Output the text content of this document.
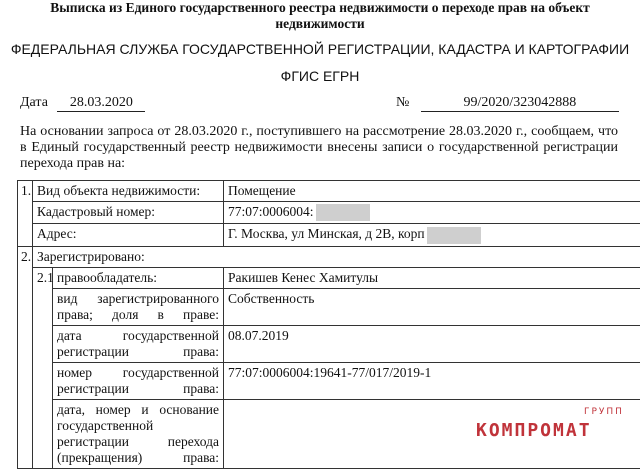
Выписка из Единого государственного реестра недвижимости о переходе прав на объект
недвижимости
ФЕДЕРАЛЬНАЯ СЛУЖБА ГОСУДАРСТВЕННОЙ РЕГИСТРАЦИИ, КАДАСТРА И КАРТОГРАФИИ
ФГИС ЕГРН
Дата 28.03.2020	№	99/2020/323042888
На основании запроса от 28.03.2020 г., поступившего на рассмотрение 28.03.2020 г., сообщаем, что в Единый государственный реестр недвижимости внесены записи о государственной регистрации перехода прав на:
1.	Вид объекта недвижимости:		Помещение
	Кадастровый номер:		77:07:0006004:
	Адрес:		Г. Москва, ул Минская, д 2В, корп
2.	Зарегистрировано:		
	2.1	правообладатель:	Ракишев Кенес Хамитулы
		вид зарегистрированного права; доля в праве:	Собственность
		дата государственной регистрации права:	08.07.2019
		номер государственной регистрации права:	77:07:0006004:19641-77/017/2019-1
		дата, номер и основание государственной регистрации перехода (прекращения) права:	
ГРУПП
КОМПРОМАТ
